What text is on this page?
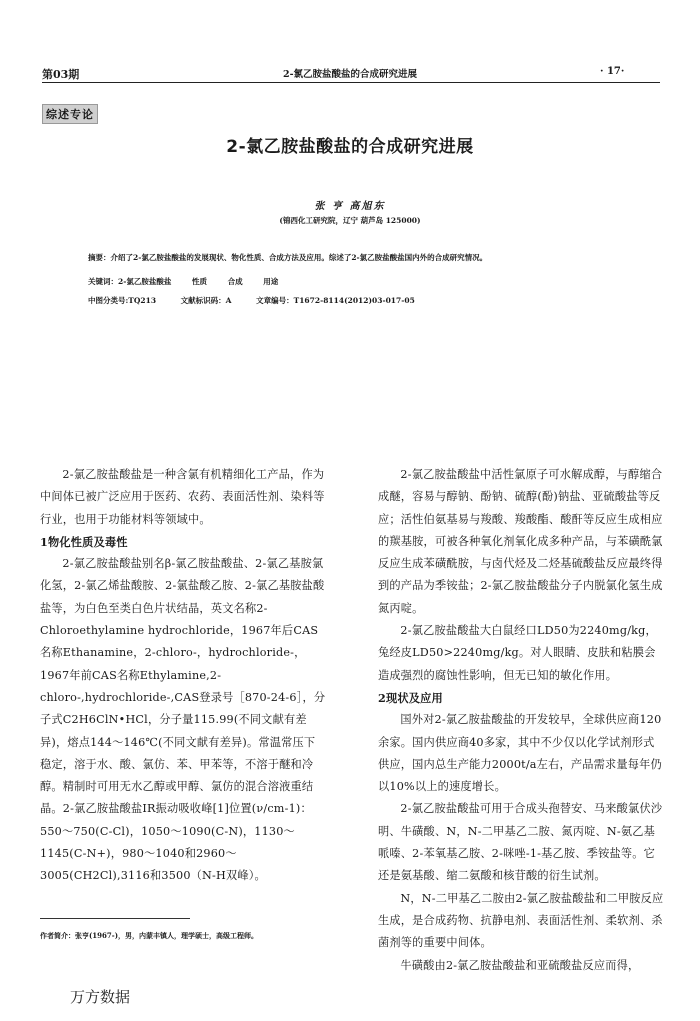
第03期	2-氯乙胺盐酸盐的合成研究进展	· 17·
综述专论
2-氯乙胺盐酸盐的合成研究进展
张 亨 高旭东
(锦西化工研究院，辽宁 葫芦岛 125000)
摘要：介绍了2-氯乙胺盐酸盐的发展现状、物化性质、合成方法及应用。综述了2-氯乙胺盐酸盐国内外的合成研究情况。
关键词：2-氯乙胺盐酸盐	性质	合成	用途
中图分类号:TQ213	文献标识码：A	文章编号：T1672-8114(2012)03-017-05

2-氯乙胺盐酸盐是一种含氯有机精细化工产品，作为中间体已被广泛应用于医药、农药、表面活性剂、染料等行业，也用于功能材料等领域中。

1物化性质及毒性

2-氯乙胺盐酸盐别名β-氯乙胺盐酸盐、2-氯乙基胺氯化氢，2-氯乙烯盐酸胺、2-氯盐酸乙胺、2-氯乙基胺盐酸盐等，为白色至类白色片状结晶，英文名称2-Chloroethylamine hydrochloride，1967年后CAS名称Ethanamine，2-chloro-，hydrochloride-，1967年前CAS名称Ethylamine,2-chloro-,hydrochloride-,CAS登录号［870-24-6］，分子式C2H6ClN•HCl，分子量115.99(不同文献有差异)，熔点144～146℃(不同文献有差异)。常温常压下稳定，溶于水、酸、氯仿、苯、甲苯等，不溶于醚和冷醇。精制时可用无水乙醇或甲醇、氯仿的混合溶液重结晶。2-氯乙胺盐酸盐IR振动吸收峰[1]位置(ν/cm-1)：550～750(C-Cl)，1050～1090(C-N)，1130～1145(C-N+)，980～1040和2960～3005(CH2Cl),3116和3500（N-H双峰）。

2-氯乙胺盐酸盐中活性氯原子可水解成醇，与醇缩合成醚，容易与醇钠、酚钠、硫醇(酚)钠盐、亚硫酸盐等反应；活性伯氨基易与羧酸、羧酸酯、酸酐等反应生成相应的羰基胺，可被各种氧化剂氧化成多种产品，与苯磺酰氯反应生成苯磺酰胺，与卤代烃及二烃基硫酸盐反应最终得到的产品为季铵盐；2-氯乙胺盐酸盐分子内脱氯化氢生成氮丙啶。

2-氯乙胺盐酸盐大白鼠经口LD50为2240mg/kg，兔经皮LD50>2240mg/kg。对人眼睛、皮肤和粘膜会造成强烈的腐蚀性影响，但无已知的敏化作用。

2现状及应用

国外对2-氯乙胺盐酸盐的开发较早，全球供应商120余家。国内供应商40多家，其中不少仅以化学试剂形式供应，国内总生产能力2000t/a左右，产品需求量每年仍以10%以上的速度增长。

2-氯乙胺盐酸盐可用于合成头孢替安、马来酸氯伏沙明、牛磺酸、N，N-二甲基乙二胺、氮丙啶、N-氨乙基哌嗪、2-苯氧基乙胺、2-咪唑-1-基乙胺、季铵盐等。它还是氨基酸、缩二氨酸和核苷酸的衍生试剂。

N，N-二甲基乙二胺由2-氯乙胺盐酸盐和二甲胺反应生成，是合成药物、抗静电剂、表面活性剂、柔软剂、杀菌剂等的重要中间体。

牛磺酸由2-氯乙胺盐酸盐和亚硫酸盐反应而得，

作者简介：张亨(1967-)，男，内蒙丰镇人，理学硕士，高级工程师。
万方数据
